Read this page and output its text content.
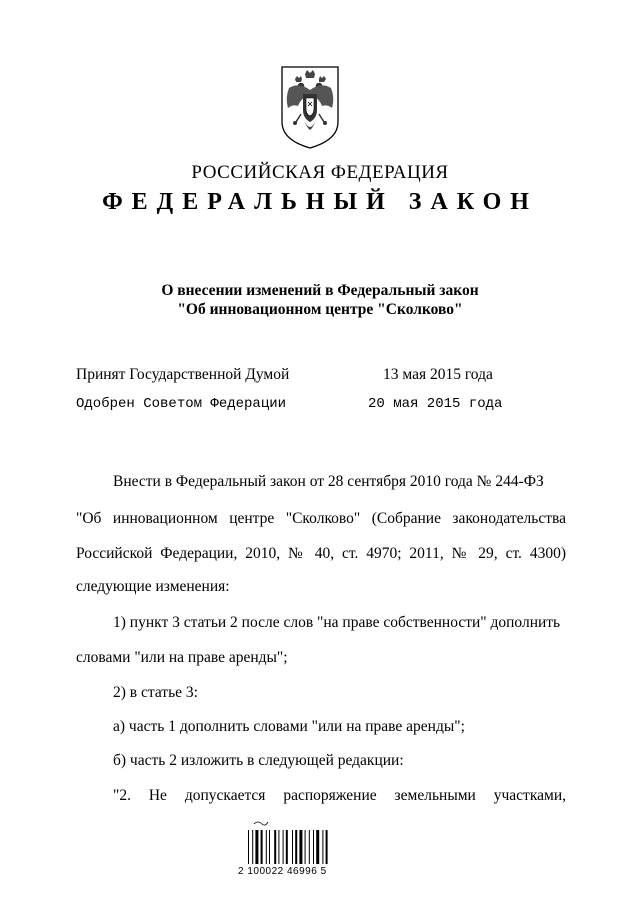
РОССИЙСКАЯ ФЕДЕРАЦИЯ
ФЕДЕРАЛЬНЫЙ ЗАКОН
О внесении изменений в Федеральный закон
"Об инновационном центре "Сколково"
Принят Государственной Думой	13 мая 2015 года
Одобрен Советом Федерации	20 мая 2015 года
Внести в Федеральный закон от 28 сентября 2010 года № 244-ФЗ
"Об инновационном центре "Сколково" (Собрание законодательства
Российской Федерации, 2010, № 40, ст. 4970; 2011, № 29, ст. 4300)
следующие изменения:
1) пункт 3 статьи 2 после слов "на праве собственности" дополнить
словами "или на праве аренды";
2) в статье 3:
а) часть 1 дополнить словами "или на праве аренды";
б) часть 2 изложить в следующей редакции:
"2. Не допускается распоряжение земельными участками,
2 100022 46996 5
